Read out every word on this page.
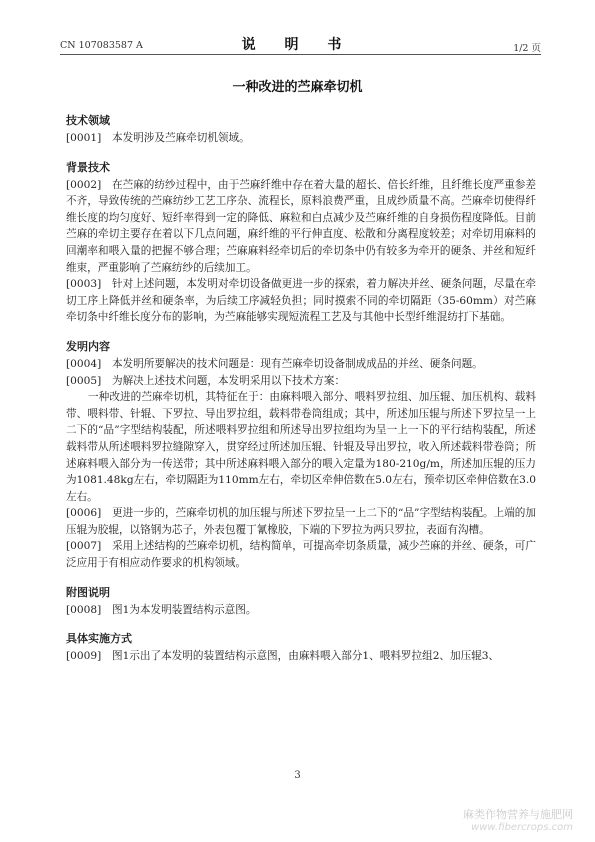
CN 107083587 A	说 明 书	1/2 页
一种改进的苎麻牵切机
技术领域

[0001] 本发明涉及苎麻牵切机领域。

背景技术

[0002] 在苎麻的纺纱过程中，由于苎麻纤维中存在着大量的超长、倍长纤维，且纤维长度严重参差不齐，导致传统的苎麻纺纱工艺工序杂、流程长，原料浪费严重，且成纱质量不高。苎麻牵切使得纤维长度的均匀度好、短纤率得到一定的降低、麻粒和白点减少及苎麻纤维的自身损伤程度降低。目前苎麻的牵切主要存在着以下几点问题，麻纤维的平行伸直度、松散和分离程度较差；对牵切用麻料的回潮率和喂入量的把握不够合理；苎麻麻料经牵切后的牵切条中仍有较多为牵开的硬条、并丝和短纤维束，严重影响了苎麻纺纱的后续加工。

[0003] 针对上述问题，本发明对牵切设备做更进一步的探索，着力解决并丝、硬条问题，尽量在牵切工序上降低并丝和硬条率，为后续工序减轻负担；同时摸索不同的牵切隔距（35-60mm）对苎麻牵切条中纤维长度分布的影响，为苎麻能够实现短流程工艺及与其他中长型纤维混纺打下基础。

发明内容

[0004] 本发明所要解决的技术问题是：现有苎麻牵切设备制成成品的并丝、硬条问题。

[0005] 为解决上述技术问题，本发明采用以下技术方案：

一种改进的苎麻牵切机，其特征在于：由麻料喂入部分、喂料罗拉组、加压辊、加压机构、载料带、喂料带、针辊、下罗拉、导出罗拉组，载料带卷筒组成；其中，所述加压辊与所述下罗拉呈一上二下的“品”字型结构装配，所述喂料罗拉组和所述导出罗拉组均为呈一上一下的平行结构装配，所述载料带从所述喂料罗拉缝隙穿入，贯穿经过所述加压辊、针辊及导出罗拉，收入所述载料带卷筒；所述麻料喂入部分为一传送带；其中所述麻料喂入部分的喂入定量为180-210g/m，所述加压辊的压力为1081.48kg左右，牵切隔距为110mm左右，牵切区牵伸倍数在5.0左右，预牵切区牵伸倍数在3.0左右。

[0006] 更进一步的，苎麻牵切机的加压辊与所述下罗拉呈一上二下的“品”字型结构装配。上端的加压辊为胶辊，以铬钢为芯子，外表包覆丁氰橡胶，下端的下罗拉为两只罗拉，表面有沟槽。

[0007] 采用上述结构的苎麻牵切机，结构简单，可提高牵切条质量，减少苎麻的并丝、硬条，可广泛应用于有相应动作要求的机构领域。

附图说明

[0008] 图1为本发明装置结构示意图。

具体实施方式

[0009] 图1示出了本发明的装置结构示意图，由麻料喂入部分1、喂料罗拉组2、加压辊3、

3
麻类作物营养与施肥网
www.fibercrops.com
